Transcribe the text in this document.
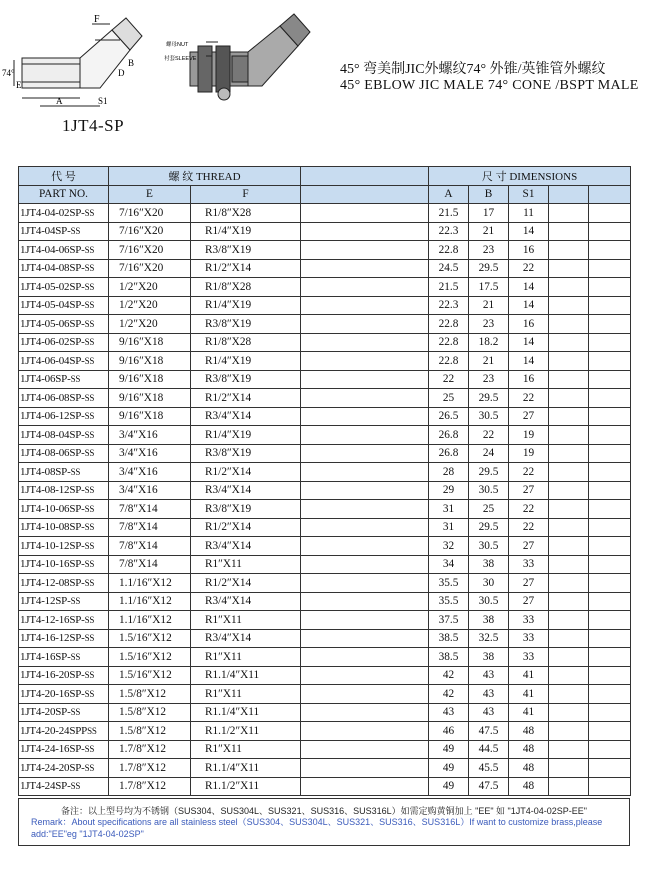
F
74°
E
A
B
D
S1
螺母NUT
衬套SLEEVE
1JT4-SP
45° 弯美制JIC外螺纹74° 外锥/英锥管外螺纹
45° EBLOW JIC MALE 74° CONE /BSPT MALE
代 号	螺 纹 THREAD			尺 寸 DIMENSIONS				
PART NO.	E	F		A	B	S1		
1JT4-04-02SP-SS	7/16″X20	R1/8″X28		21.5	17	11		
1JT4-04SP-SS	7/16″X20	R1/4″X19		22.3	21	14		
1JT4-04-06SP-SS	7/16″X20	R3/8″X19		22.8	23	16		
1JT4-04-08SP-SS	7/16″X20	R1/2″X14		24.5	29.5	22		
1JT4-05-02SP-SS	1/2″X20	R1/8″X28		21.5	17.5	14		
1JT4-05-04SP-SS	1/2″X20	R1/4″X19		22.3	21	14		
1JT4-05-06SP-SS	1/2″X20	R3/8″X19		22.8	23	16		
1JT4-06-02SP-SS	9/16″X18	R1/8″X28		22.8	18.2	14		
1JT4-06-04SP-SS	9/16″X18	R1/4″X19		22.8	21	14		
1JT4-06SP-SS	9/16″X18	R3/8″X19		22	23	16		
1JT4-06-08SP-SS	9/16″X18	R1/2″X14		25	29.5	22		
1JT4-06-12SP-SS	9/16″X18	R3/4″X14		26.5	30.5	27		
1JT4-08-04SP-SS	3/4″X16	R1/4″X19		26.8	22	19		
1JT4-08-06SP-SS	3/4″X16	R3/8″X19		26.8	24	19		
1JT4-08SP-SS	3/4″X16	R1/2″X14		28	29.5	22		
1JT4-08-12SP-SS	3/4″X16	R3/4″X14		29	30.5	27		
1JT4-10-06SP-SS	7/8″X14	R3/8″X19		31	25	22		
1JT4-10-08SP-SS	7/8″X14	R1/2″X14		31	29.5	22		
1JT4-10-12SP-SS	7/8″X14	R3/4″X14		32	30.5	27		
1JT4-10-16SP-SS	7/8″X14	R1″X11		34	38	33		
1JT4-12-08SP-SS	1.1/16″X12	R1/2″X14		35.5	30	27		
1JT4-12SP-SS	1.1/16″X12	R3/4″X14		35.5	30.5	27		
1JT4-12-16SP-SS	1.1/16″X12	R1″X11		37.5	38	33		
1JT4-16-12SP-SS	1.5/16″X12	R3/4″X14		38.5	32.5	33		
1JT4-16SP-SS	1.5/16″X12	R1″X11		38.5	38	33		
1JT4-16-20SP-SS	1.5/16″X12	R1.1/4″X11		42	43	41		
1JT4-20-16SP-SS	1.5/8″X12	R1″X11		42	43	41		
1JT4-20SP-SS	1.5/8″X12	R1.1/4″X11		43	43	41		
1JT4-20-24SPPSS	1.5/8″X12	R1.1/2″X11		46	47.5	48		
1JT4-24-16SP-SS	1.7/8″X12	R1″X11		49	44.5	48		
1JT4-24-20SP-SS	1.7/8″X12	R1.1/4″X11		49	45.5	48		
1JT4-24SP-SS	1.7/8″X12	R1.1/2″X11		49	47.5	48		
备注：以上型号均为不锈钢（SUS304、SUS304L、SUS321、SUS316、SUS316L）如需定购黄铜加上 "EE" 如 "1JT4-04-02SP-EE"
Remark：About specifications are all stainless steel（SUS304、SUS304L、SUS321、SUS316、SUS316L）If want to customize brass,please add:"EE"eg "1JT4-04-02SP"
